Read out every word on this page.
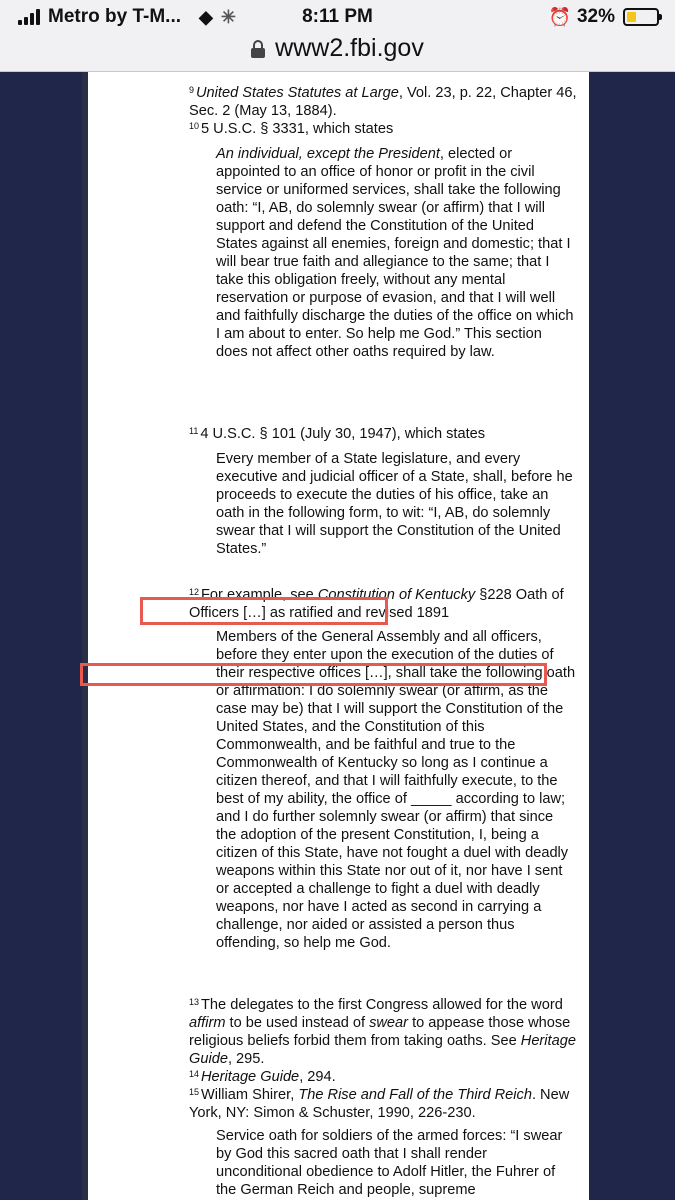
Metro by T-M... ◆ ✳	8:11 PM	⏰ 32%
www2.fbi.gov
$^9$ United States Statutes at Large, Vol. 23, p. 22, Chapter 46, Sec. 2 (May 13, 1884).
$^{10}$ 5 U.S.C. § 3331, which states
An individual, except the President, elected or appointed to an office of honor or profit in the civil service or uniformed services, shall take the following oath: “I, AB, do solemnly swear (or affirm) that I will support and defend the Constitution of the United States against all enemies, foreign and domestic; that I will bear true faith and allegiance to the same; that I take this obligation freely, without any mental reservation or purpose of evasion, and that I will well and faithfully discharge the duties of the office on which I am about to enter. So help me God.” This section does not affect other oaths required by law.
$^{11}$ 4 U.S.C. § 101 (July 30, 1947), which states
Every member of a State legislature, and every executive and judicial officer of a State, shall, before he proceeds to execute the duties of his office, take an oath in the following form, to wit: “I, AB, do solemnly swear that I will support the Constitution of the United States.”
$^{12}$ For example, see Constitution of Kentucky §228 Oath of Officers […] as ratified and revised 1891
Members of the General Assembly and all officers, before they enter upon the execution of the duties of their respective offices […], shall take the following oath or affirmation: I do solemnly swear (or affirm, as the case may be) that I will support the Constitution of the United States, and the Constitution of this Commonwealth, and be faithful and true to the Commonwealth of Kentucky so long as I continue a citizen thereof, and that I will faithfully execute, to the best of my ability, the office of _____ according to law; and I do further solemnly swear (or affirm) that since the adoption of the present Constitution, I, being a citizen of this State, have not fought a duel with deadly weapons within this State nor out of it, nor have I sent or accepted a challenge to fight a duel with deadly weapons, nor have I acted as second in carrying a challenge, nor aided or assisted a person thus offending, so help me God.
$^{13}$ The delegates to the first Congress allowed for the word affirm to be used instead of swear to appease those whose religious beliefs forbid them from taking oaths. See Heritage Guide, 295.
$^{14}$ Heritage Guide, 294.
$^{15}$ William Shirer, The Rise and Fall of the Third Reich. New York, NY: Simon & Schuster, 1990, 226-230.
Service oath for soldiers of the armed forces: “I swear by God this sacred oath that I shall render unconditional obedience to Adolf Hitler, the Fuhrer of the German Reich and people, supreme
